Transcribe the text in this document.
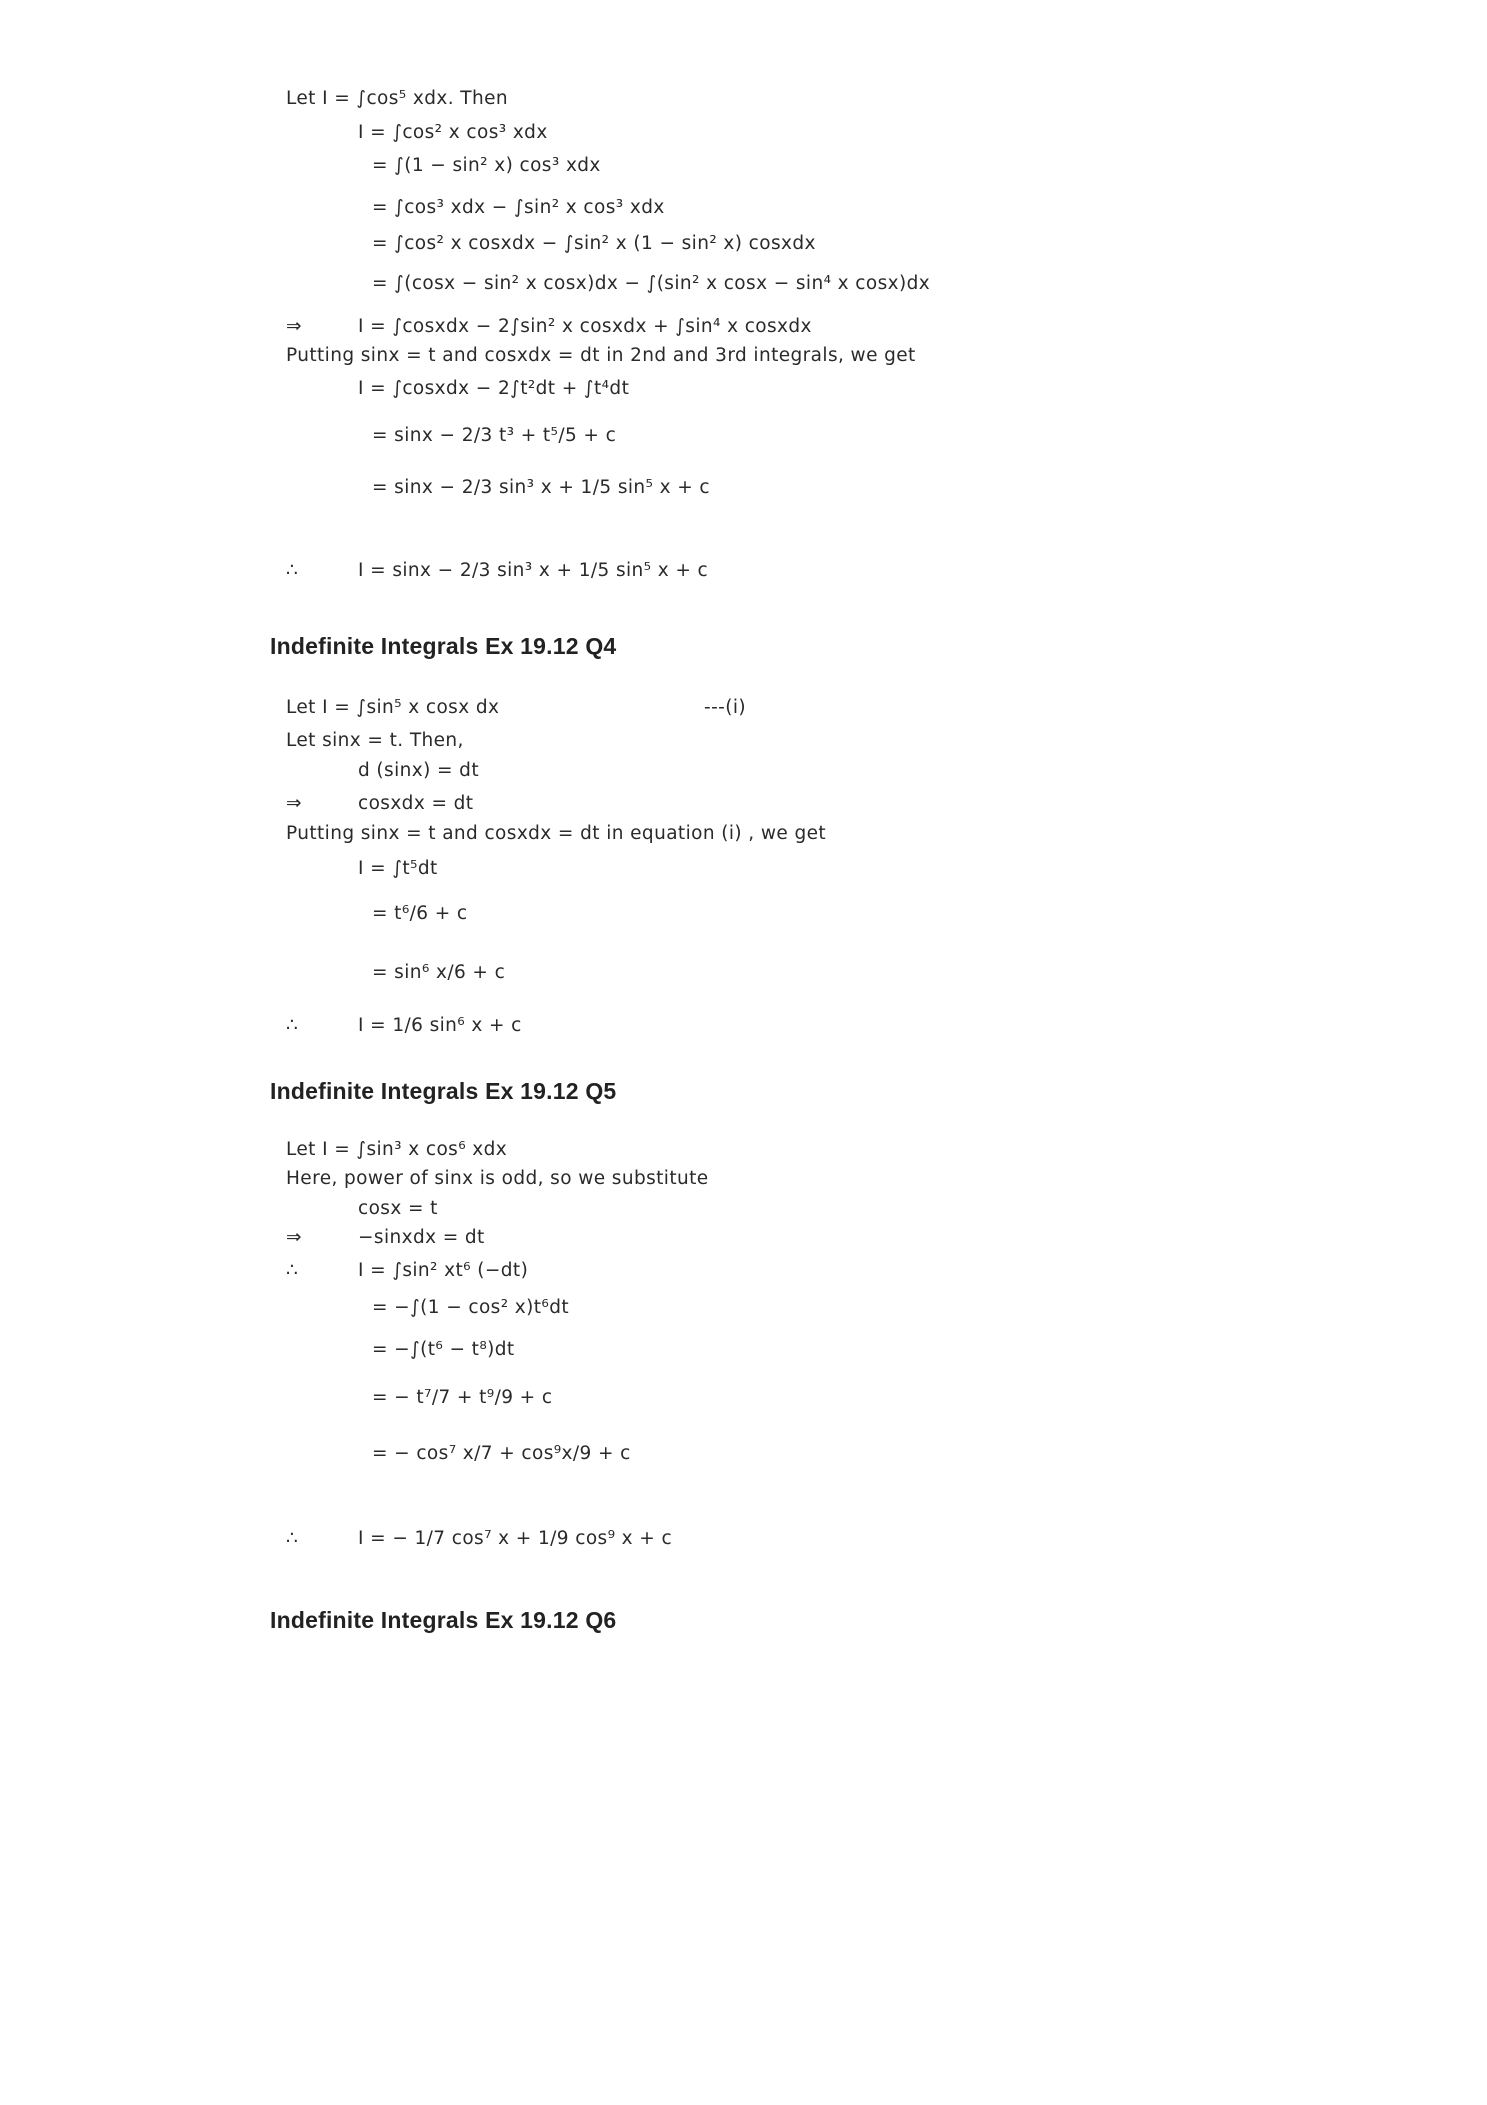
Let I = ∫cos⁵ xdx. Then
I = ∫cos² x cos³ xdx
= ∫(1 − sin² x) cos³ xdx
= ∫cos³ xdx − ∫sin² x cos³ xdx
= ∫cos² x cosxdx − ∫sin² x (1 − sin² x) cosxdx
= ∫(cosx − sin² x cosx)dx − ∫(sin² x cosx − sin⁴ x cosx)dx
⇒	I = ∫cosxdx − 2∫sin² x cosxdx + ∫sin⁴ x cosxdx
Putting sinx = t and cosxdx = dt in 2nd and 3rd integrals, we get
I = ∫cosxdx − 2∫t²dt + ∫t⁴dt
= sinx − 2/3 t³ + t⁵/5 + c
= sinx − 2/3 sin³ x + 1/5 sin⁵ x + c
∴	I = sinx − 2/3 sin³ x + 1/5 sin⁵ x + c
Indefinite Integrals Ex 19.12 Q4
Let I = ∫sin⁵ x cosx dx	---(i)
Let sinx = t. Then,
d (sinx) = dt
⇒	cosxdx = dt
Putting sinx = t and cosxdx = dt in equation (i) , we get
I = ∫t⁵dt
= t⁶/6 + c
= sin⁶ x/6 + c
∴	I = 1/6 sin⁶ x + c
Indefinite Integrals Ex 19.12 Q5
Let I = ∫sin³ x cos⁶ xdx
Here, power of sinx is odd, so we substitute
cosx = t
⇒	−sinxdx = dt
∴	I = ∫sin² xt⁶ (−dt)
= −∫(1 − cos² x)t⁶dt
= −∫(t⁶ − t⁸)dt
= − t⁷/7 + t⁹/9 + c
= − cos⁷ x/7 + cos⁹x/9 + c
∴	I = − 1/7 cos⁷ x + 1/9 cos⁹ x + c
Indefinite Integrals Ex 19.12 Q6
